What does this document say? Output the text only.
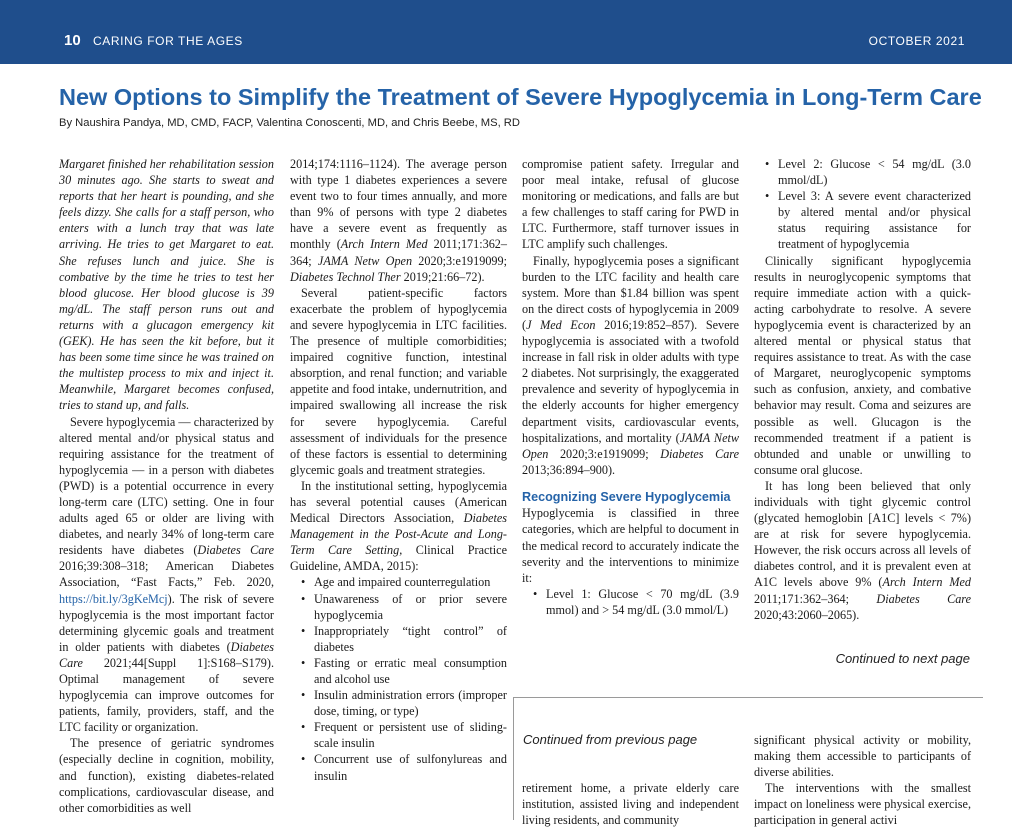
10 CARING FOR THE AGES	OCTOBER 2021
New Options to Simplify the Treatment of Severe Hypoglycemia in Long-Term Care
By Naushira Pandya, MD, CMD, FACP, Valentina Conoscenti, MD, and Chris Beebe, MS, RD

Margaret finished her rehabilitation session 30 minutes ago. She starts to sweat and reports that her heart is pounding, and she feels dizzy. She calls for a staff person, who enters with a lunch tray that was late arriving. He tries to get Margaret to eat. She refuses lunch and juice. She is combative by the time he tries to test her blood glucose. Her blood glucose is 39 mg/dL. The staff person runs out and returns with a glucagon emergency kit (GEK). He has seen the kit before, but it has been some time since he was trained on the multistep process to mix and inject it. Meanwhile, Margaret becomes confused, tries to stand up, and falls.

Severe hypoglycemia — characterized by altered mental and/or physical status and requiring assistance for the treatment of hypoglycemia — in a person with diabetes (PWD) is a potential occurrence in every long-term care (LTC) setting. One in four adults aged 65 or older are living with diabetes, and nearly 34% of long-term care residents have diabetes (Diabetes Care 2016;39:308–318; American Diabetes Association, “Fast Facts,” Feb. 2020, https://bit.ly/3gKeMcj). The risk of severe hypoglycemia is the most important factor determining glycemic goals and treatment in older patients with diabetes (Diabetes Care 2021;44[Suppl 1]:S168–S179). Optimal management of severe hypoglycemia can improve outcomes for patients, family, providers, staff, and the LTC facility or organization.

The presence of geriatric syndromes (especially decline in cognition, mobility, and function), existing diabetes-related complications, cardiovascular disease, and other comorbidities as well

2014;174:1116–1124). The average person with type 1 diabetes experiences a severe event two to four times annually, and more than 9% of persons with type 2 diabetes have a severe event as frequently as monthly (Arch Intern Med 2011;171:362–364; JAMA Netw Open 2020;3:e1919099; Diabetes Technol Ther 2019;21:66–72).

Several patient-specific factors exacerbate the problem of hypoglycemia and severe hypoglycemia in LTC facilities. The presence of multiple comorbidities; impaired cognitive function, intestinal absorption, and renal function; and variable appetite and food intake, undernutrition, and impaired swallowing all increase the risk for severe hypoglycemia. Careful assessment of individuals for the presence of these factors is essential to determining glycemic goals and treatment strategies.

In the institutional setting, hypoglycemia has several potential causes (American Medical Directors Association, Diabetes Management in the Post-Acute and Long-Term Care Setting, Clinical Practice Guideline, AMDA, 2015):

• Age and impaired counterregulation
• Unawareness of or prior severe hypoglycemia
• Inappropriately “tight control” of diabetes
• Fasting or erratic meal consumption and alcohol use
• Insulin administration errors (improper dose, timing, or type)
• Frequent or persistent use of sliding-scale insulin
• Concurrent use of sulfonylureas and insulin

compromise patient safety. Irregular and poor meal intake, refusal of glucose monitoring or medications, and falls are but a few challenges to staff caring for PWD in LTC. Furthermore, staff turnover issues in LTC amplify such challenges.

Finally, hypoglycemia poses a significant burden to the LTC facility and health care system. More than $1.84 billion was spent on the direct costs of hypoglycemia in 2009 (J Med Econ 2016;19:852–857). Severe hypoglycemia is associated with a twofold increase in fall risk in older adults with type 2 diabetes. Not surprisingly, the exaggerated prevalence and severity of hypoglycemia in the elderly accounts for higher emergency department visits, cardiovascular events, hospitalizations, and mortality (JAMA Netw Open 2020;3:e1919099; Diabetes Care 2013;36:894–900).

Recognizing Severe Hypoglycemia

Hypoglycemia is classified in three categories, which are helpful to document in the medical record to accurately indicate the severity and the interventions to minimize it:

• Level 1: Glucose < 70 mg/dL (3.9 mmol) and > 54 mg/dL (3.0 mmol/L)
• Level 2: Glucose < 54 mg/dL (3.0 mmol/dL)
• Level 3: A severe event characterized by altered mental and/or physical status requiring assistance for treatment of hypoglycemia

Clinically significant hypoglycemia results in neuroglycopenic symptoms that require immediate action with a quick-acting carbohydrate to resolve. A severe hypoglycemia event is characterized by an altered mental or physical status that requires assistance to treat. As with the case of Margaret, neuroglycopenic symptoms such as confusion, anxiety, and combative behavior may result. Coma and seizures are possible as well. Glucagon is the recommended treatment if a patient is obtunded and unable or unwilling to consume oral glucose.

It has long been believed that only individuals with tight glycemic control (glycated hemoglobin [A1C] levels < 7%) are at risk for severe hypoglycemia. However, the risk occurs across all levels of diabetes control, and it is prevalent even at A1C levels above 9% (Arch Intern Med 2011;171:362–364; Diabetes Care 2020;43:2060–2065).

Continued to next page
Continued from previous page

retirement home, a private elderly care institution, assisted living and independent living residents, and community

significant physical activity or mobility, making them accessible to participants of diverse abilities.

The interventions with the smallest impact on loneliness were physical exercise, participation in general activi
